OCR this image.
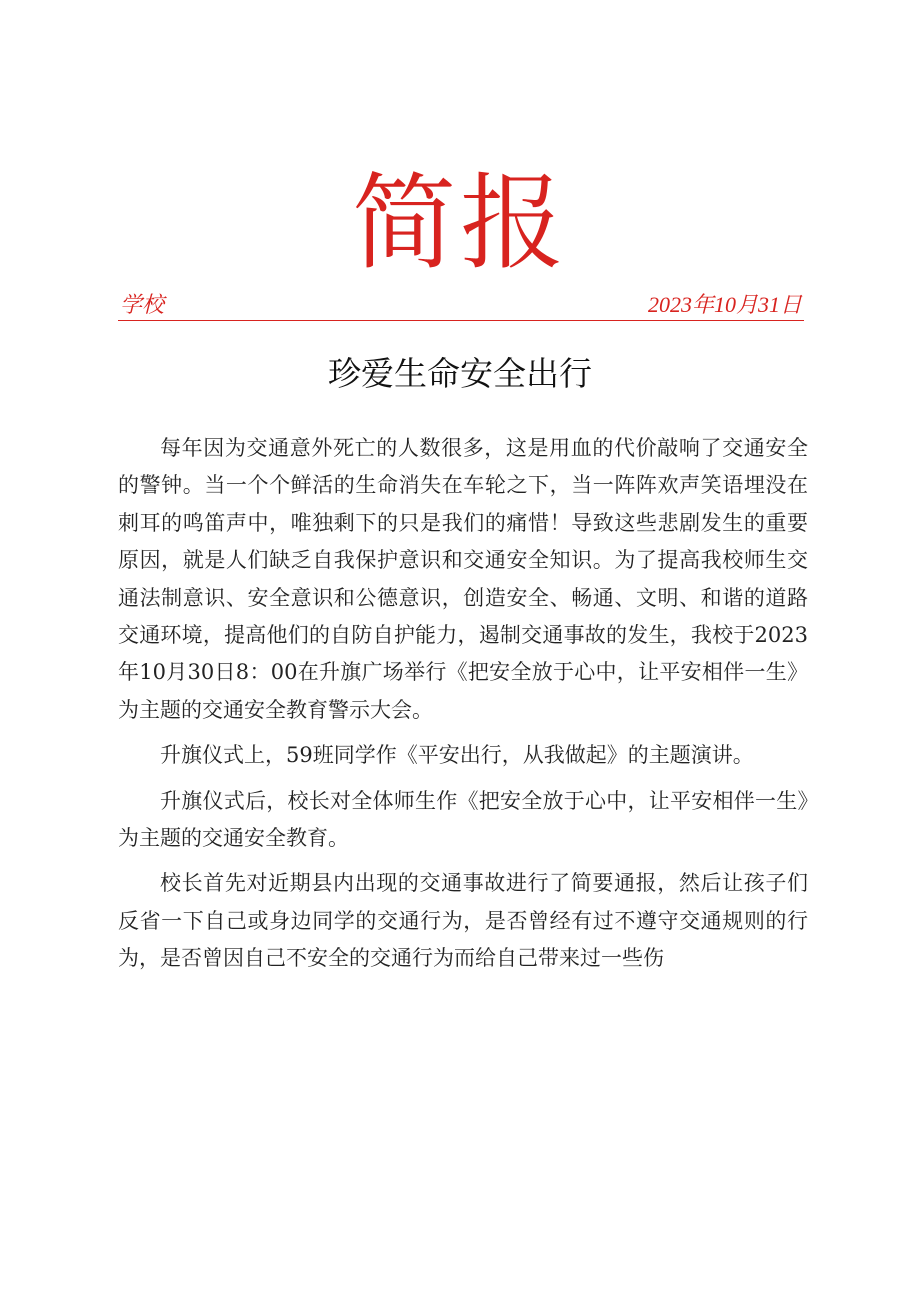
简报
学校	2023年10月31日
珍爱生命安全出行

每年因为交通意外死亡的人数很多，这是用血的代价敲响了交通安全的警钟。当一个个鲜活的生命消失在车轮之下，当一阵阵欢声笑语埋没在刺耳的鸣笛声中，唯独剩下的只是我们的痛惜！导致这些悲剧发生的重要原因，就是人们缺乏自我保护意识和交通安全知识。为了提高我校师生交通法制意识、安全意识和公德意识，创造安全、畅通、文明、和谐的道路交通环境，提高他们的自防自护能力，遏制交通事故的发生，我校于2023年10月30日8：00在升旗广场举行《把安全放于心中，让平安相伴一生》为主题的交通安全教育警示大会。

升旗仪式上，59班同学作《平安出行，从我做起》的主题演讲。

升旗仪式后，校长对全体师生作《把安全放于心中，让平安相伴一生》为主题的交通安全教育。

校长首先对近期县内出现的交通事故进行了简要通报，然后让孩子们反省一下自己或身边同学的交通行为，是否曾经有过不遵守交通规则的行为，是否曾因自己不安全的交通行为而给自己带来过一些伤
